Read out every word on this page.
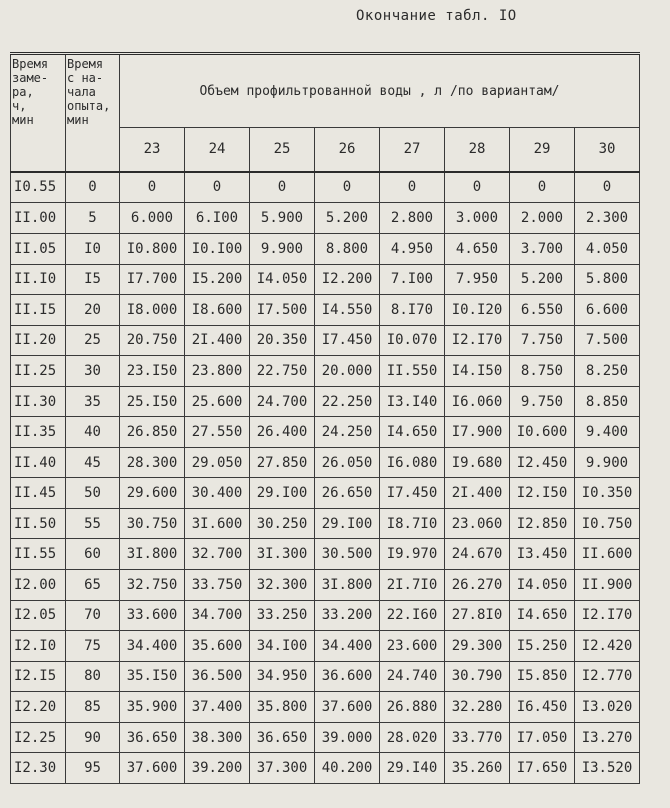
Окончание табл. IO
Время
заме-
ра,
ч,
мин	Время
с на-
чала
опыта,
мин	Объем профильтрованной воды , л /по вариантам/							
		23	24	25	26	27	28	29	30
I0.55	0	0	0	0	0	0	0	0	0
II.00	5	6.000	6.I00	5.900	5.200	2.800	3.000	2.000	2.300
II.05	I0	I0.800	I0.I00	9.900	8.800	4.950	4.650	3.700	4.050
II.I0	I5	I7.700	I5.200	I4.050	I2.200	7.I00	7.950	5.200	5.800
II.I5	20	I8.000	I8.600	I7.500	I4.550	8.I70	I0.I20	6.550	6.600
II.20	25	20.750	2I.400	20.350	I7.450	I0.070	I2.I70	7.750	7.500
II.25	30	23.I50	23.800	22.750	20.000	II.550	I4.I50	8.750	8.250
II.30	35	25.I50	25.600	24.700	22.250	I3.I40	I6.060	9.750	8.850
II.35	40	26.850	27.550	26.400	24.250	I4.650	I7.900	I0.600	9.400
II.40	45	28.300	29.050	27.850	26.050	I6.080	I9.680	I2.450	9.900
II.45	50	29.600	30.400	29.I00	26.650	I7.450	2I.400	I2.I50	I0.350
II.50	55	30.750	3I.600	30.250	29.I00	I8.7I0	23.060	I2.850	I0.750
II.55	60	3I.800	32.700	3I.300	30.500	I9.970	24.670	I3.450	II.600
I2.00	65	32.750	33.750	32.300	3I.800	2I.7I0	26.270	I4.050	II.900
I2.05	70	33.600	34.700	33.250	33.200	22.I60	27.8I0	I4.650	I2.I70
I2.I0	75	34.400	35.600	34.I00	34.400	23.600	29.300	I5.250	I2.420
I2.I5	80	35.I50	36.500	34.950	36.600	24.740	30.790	I5.850	I2.770
I2.20	85	35.900	37.400	35.800	37.600	26.880	32.280	I6.450	I3.020
I2.25	90	36.650	38.300	36.650	39.000	28.020	33.770	I7.050	I3.270
I2.30	95	37.600	39.200	37.300	40.200	29.I40	35.260	I7.650	I3.520
